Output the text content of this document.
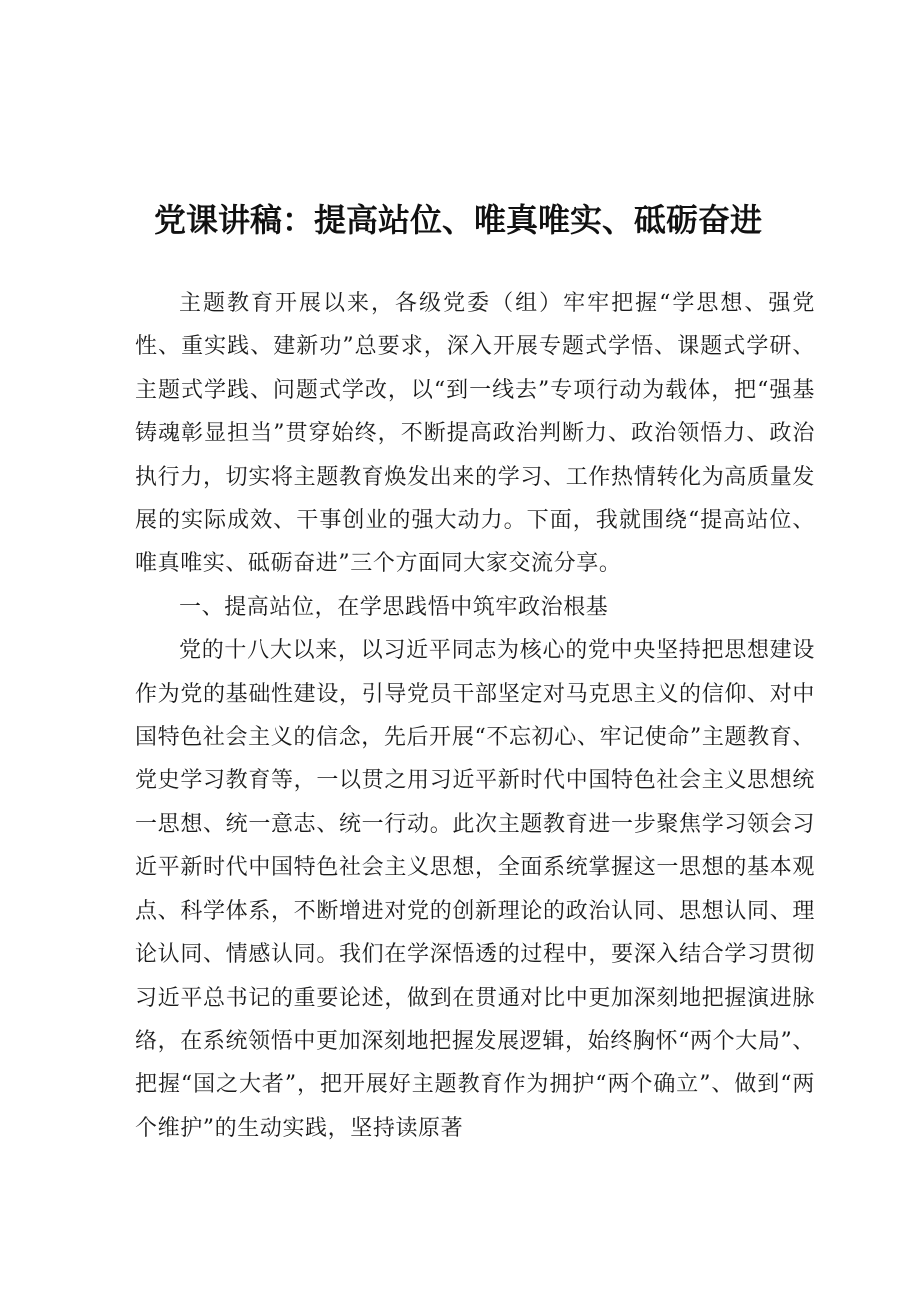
党课讲稿：提高站位、唯真唯实、砥砺奋进

主题教育开展以来，各级党委（组）牢牢把握“学思想、强党性、重实践、建新功”总要求，深入开展专题式学悟、课题式学研、主题式学践、问题式学改，以“到一线去”专项行动为载体，把“强基铸魂彰显担当”贯穿始终，不断提高政治判断力、政治领悟力、政治执行力，切实将主题教育焕发出来的学习、工作热情转化为高质量发展的实际成效、干事创业的强大动力。下面，我就围绕“提高站位、唯真唯实、砥砺奋进”三个方面同大家交流分享。

一、提高站位，在学思践悟中筑牢政治根基

党的十八大以来，以习近平同志为核心的党中央坚持把思想建设作为党的基础性建设，引导党员干部坚定对马克思主义的信仰、对中国特色社会主义的信念，先后开展“不忘初心、牢记使命”主题教育、党史学习教育等，一以贯之用习近平新时代中国特色社会主义思想统一思想、统一意志、统一行动。此次主题教育进一步聚焦学习领会习近平新时代中国特色社会主义思想，全面系统掌握这一思想的基本观点、科学体系，不断增进对党的创新理论的政治认同、思想认同、理论认同、情感认同。我们在学深悟透的过程中，要深入结合学习贯彻习近平总书记的重要论述，做到在贯通对比中更加深刻地把握演进脉络，在系统领悟中更加深刻地把握发展逻辑，始终胸怀“两个大局”、把握“国之大者”，把开展好主题教育作为拥护“两个确立”、做到“两个维护”的生动实践，坚持读原著
